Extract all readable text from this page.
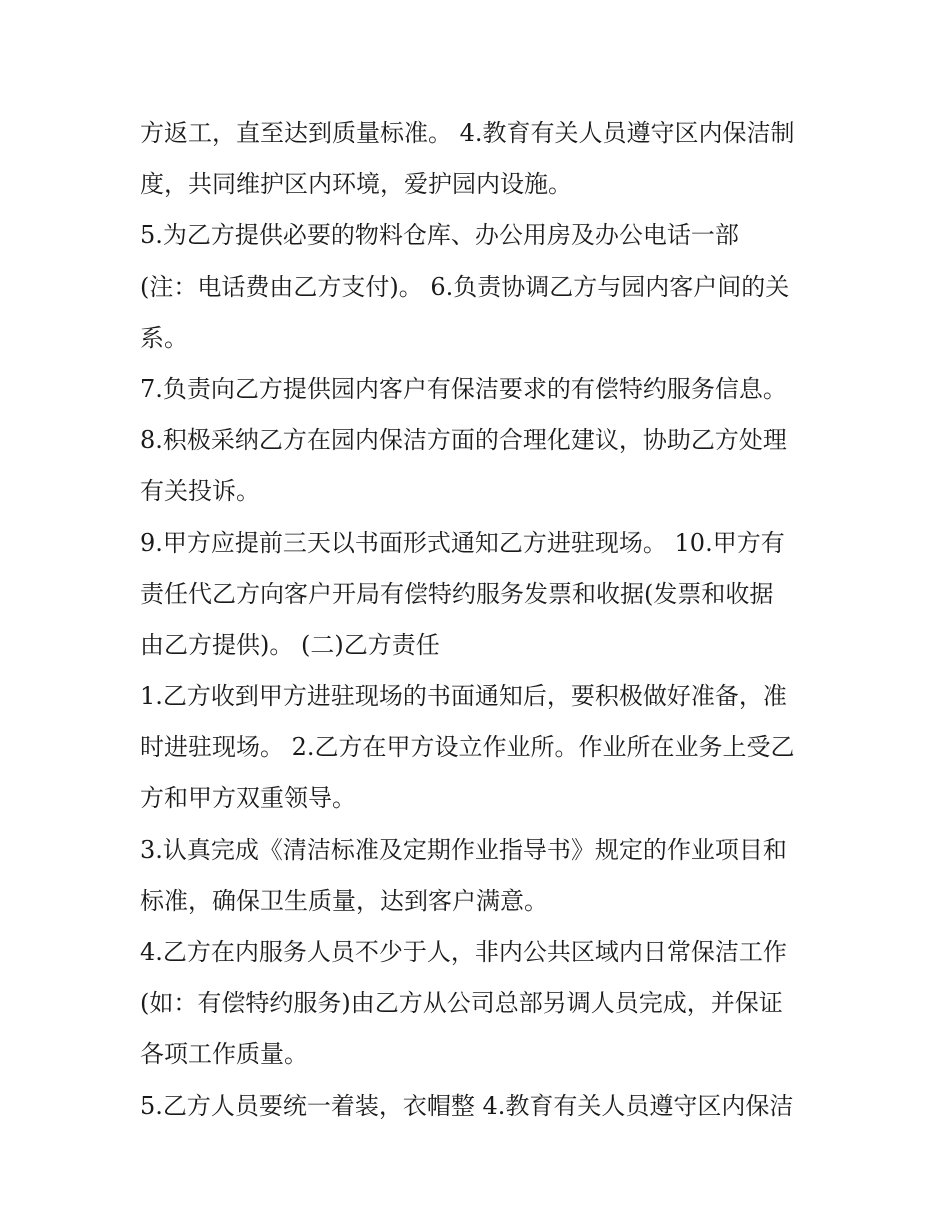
方返工，直至达到质量标准。 4.教育有关人员遵守区内保洁制

度，共同维护区内环境，爱护园内设施。

5.为乙方提供必要的物料仓库、办公用房及办公电话一部

(注：电话费由乙方支付)。 6.负责协调乙方与园内客户间的关

系。

7.负责向乙方提供园内客户有保洁要求的有偿特约服务信息。

8.积极采纳乙方在园内保洁方面的合理化建议，协助乙方处理

有关投诉。

9.甲方应提前三天以书面形式通知乙方进驻现场。 10.甲方有

责任代乙方向客户开局有偿特约服务发票和收据(发票和收据

由乙方提供)。 (二)乙方责任

1.乙方收到甲方进驻现场的书面通知后，要积极做好准备，准

时进驻现场。 2.乙方在甲方设立作业所。作业所在业务上受乙

方和甲方双重领导。

3.认真完成《清洁标准及定期作业指导书》规定的作业项目和

标准，确保卫生质量，达到客户满意。

4.乙方在内服务人员不少于人，非内公共区域内日常保洁工作

(如：有偿特约服务)由乙方从公司总部另调人员完成，并保证

各项工作质量。

5.乙方人员要统一着装，衣帽整 4.教育有关人员遵守区内保洁
